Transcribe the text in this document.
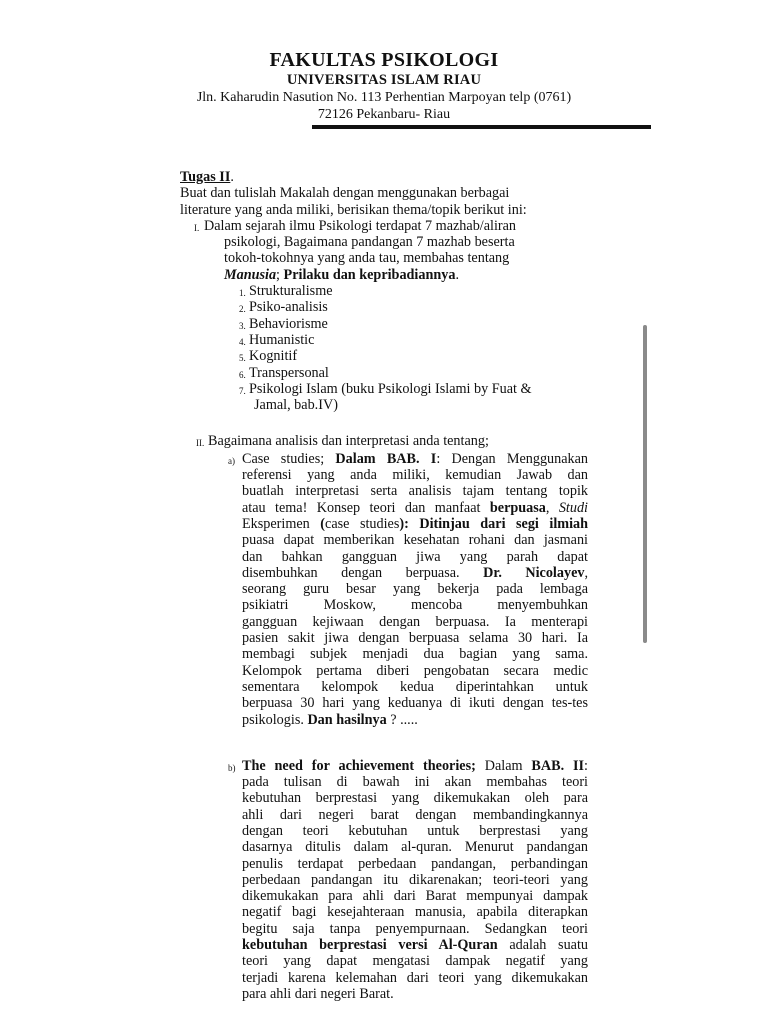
FAKULTAS PSIKOLOGI
UNIVERSITAS ISLAM RIAU
Jln. Kaharudin Nasution No. 113 Perhentian Marpoyan telp (0761)
72126 Pekanbaru- Riau
Tugas II.
Buat dan tulislah Makalah dengan menggunakan berbagai
literature yang anda miliki, berisikan thema/topik berikut ini:
I. Dalam sejarah ilmu Psikologi terdapat 7 mazhab/aliran
psikologi, Bagaimana pandangan 7 mazhab beserta
tokoh-tokohnya yang anda tau, membahas tentang
Manusia; Prilaku dan kepribadiannya.
1. Strukturalisme
2. Psiko-analisis
3. Behaviorisme
4. Humanistic
5. Kognitif
6. Transpersonal
7. Psikologi Islam (buku Psikologi Islami by Fuat &
Jamal, bab.IV)
II. Bagaimana analisis dan interpretasi anda tentang;
a) Case studies; Dalam BAB. I: Dengan Menggunakan
referensi yang anda miliki, kemudian Jawab dan
buatlah interpretasi serta analisis tajam tentang topik
atau tema! Konsep teori dan manfaat berpuasa, Studi
Eksperimen (case studies): Ditinjau dari segi ilmiah
puasa dapat memberikan kesehatan rohani dan jasmani
dan bahkan gangguan jiwa yang parah dapat
disembuhkan dengan berpuasa. Dr. Nicolayev,
seorang guru besar yang bekerja pada lembaga
psikiatri Moskow, mencoba menyembuhkan
gangguan kejiwaan dengan berpuasa. Ia menterapi
pasien sakit jiwa dengan berpuasa selama 30 hari. Ia
membagi subjek menjadi dua bagian yang sama.
Kelompok pertama diberi pengobatan secara medic
sementara kelompok kedua diperintahkan untuk
berpuasa 30 hari yang keduanya di ikuti dengan tes-tes
psikologis. Dan hasilnya ? .....
b) The need for achievement theories; Dalam BAB. II:
pada tulisan di bawah ini akan membahas teori
kebutuhan berprestasi yang dikemukakan oleh para
ahli dari negeri barat dengan membandingkannya
dengan teori kebutuhan untuk berprestasi yang
dasarnya ditulis dalam al-quran. Menurut pandangan
penulis terdapat perbedaan pandangan, perbandingan
perbedaan pandangan itu dikarenakan; teori-teori yang
dikemukakan para ahli dari Barat mempunyai dampak
negatif bagi kesejahteraan manusia, apabila diterapkan
begitu saja tanpa penyempurnaan. Sedangkan teori
kebutuhan berprestasi versi Al-Quran adalah suatu
teori yang dapat mengatasi dampak negatif yang
terjadi karena kelemahan dari teori yang dikemukakan
para ahli dari negeri Barat.
